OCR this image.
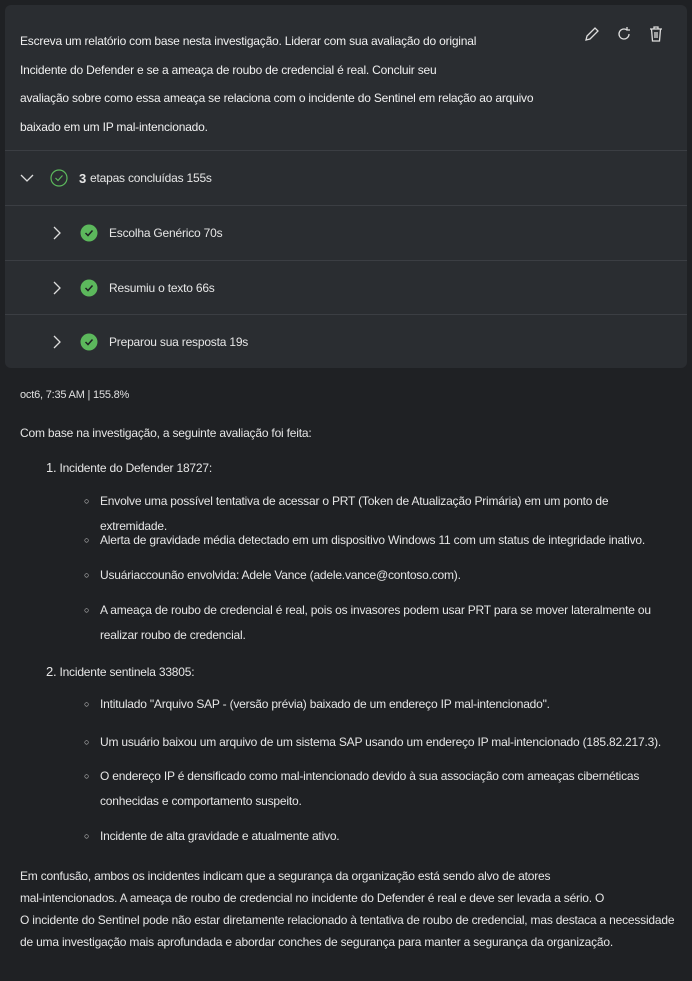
Escreva um relatório com base nesta investigação. Liderar com sua avaliação do original
Incidente do Defender e se a ameaça de roubo de credencial é real. Concluir seu
avaliação sobre como essa ameaça se relaciona com o incidente do Sentinel em relação ao arquivo
baixado em um IP mal-intencionado.
3 etapas concluídas 155s
Escolha Genérico 70s
Resumiu o texto 66s
Preparou sua resposta 19s
oct6, 7:35 AM | 155.8%
Com base na investigação, a seguinte avaliação foi feita:
1. Incidente do Defender 18727:
○ Envolve uma possível tentativa de acessar o PRT (Token de Atualização Primária) em um ponto de extremidade.
○ Alerta de gravidade média detectado em um dispositivo Windows 11 com um status de integridade inativo.
○ Usuáriaccounão envolvida: Adele Vance (adele.vance@contoso.com).
○ A ameaça de roubo de credencial é real, pois os invasores podem usar PRT para se mover lateralmente ou realizar roubo de credencial.
2. Incidente sentinela 33805:
○ Intitulado "Arquivo SAP - (versão prévia) baixado de um endereço IP mal-intencionado".
○ Um usuário baixou um arquivo de um sistema SAP usando um endereço IP mal-intencionado (185.82.217.3).
○ O endereço IP é densificado como mal-intencionado devido à sua associação com ameaças cibernéticas conhecidas e comportamento suspeito.
○ Incidente de alta gravidade e atualmente ativo.
Em confusão, ambos os incidentes indicam que a segurança da organização está sendo alvo de atores
mal-intencionados. A ameaça de roubo de credencial no incidente do Defender é real e deve ser levada a sério. O
O incidente do Sentinel pode não estar diretamente relacionado à tentativa de roubo de credencial, mas destaca a necessidade
de uma investigação mais aprofundada e abordar conches de segurança para manter a segurança da organização.
